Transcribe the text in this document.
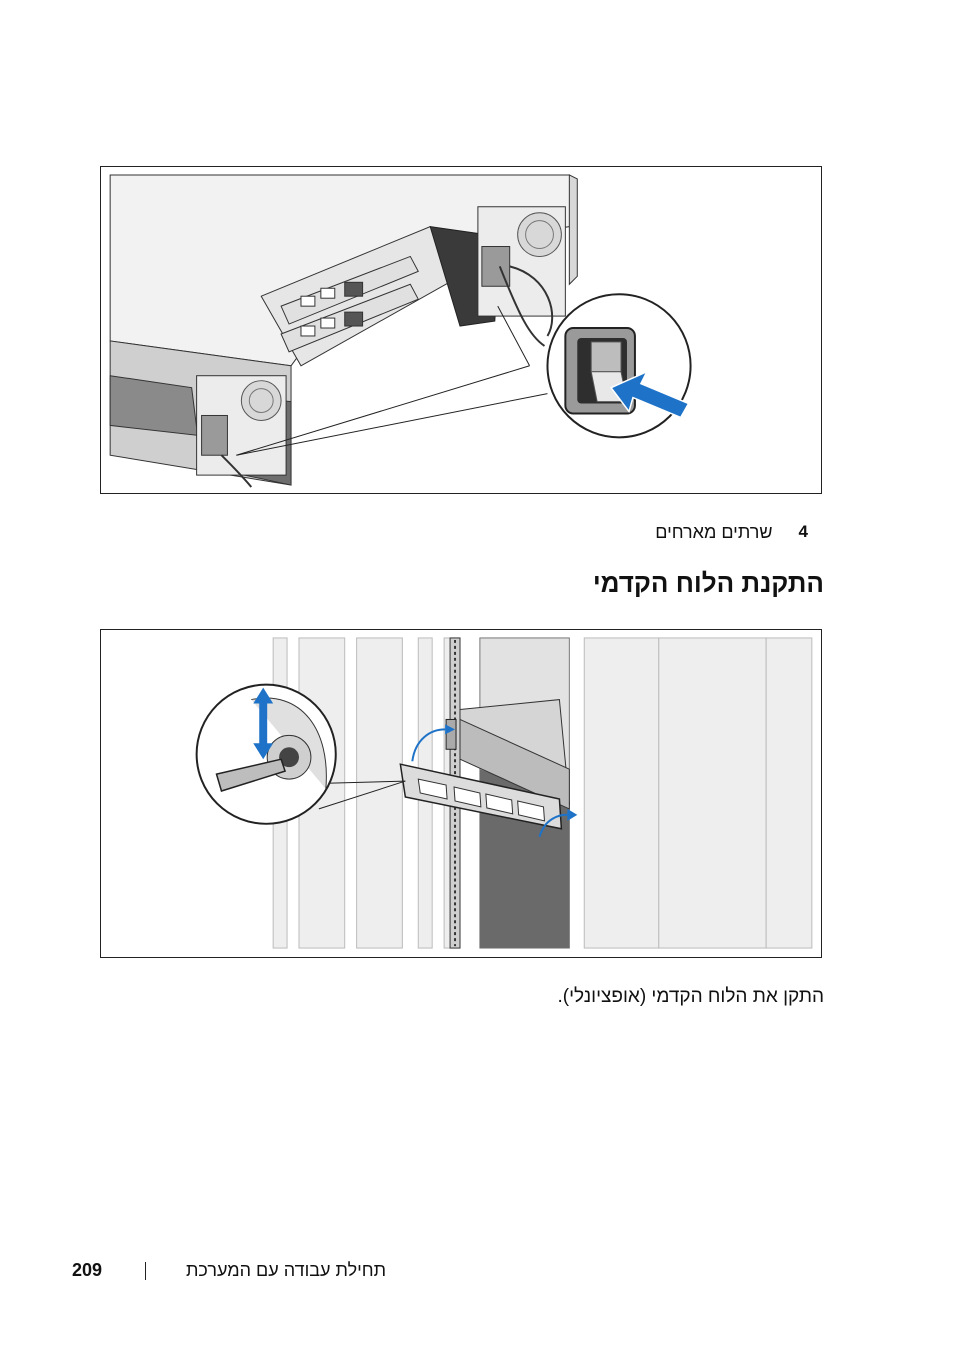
4
שרתים מארחים
התקנת הלוח הקדמי
התקן את הלוח הקדמי (אופציונלי).
209	תחילת עבודה עם המערכת
